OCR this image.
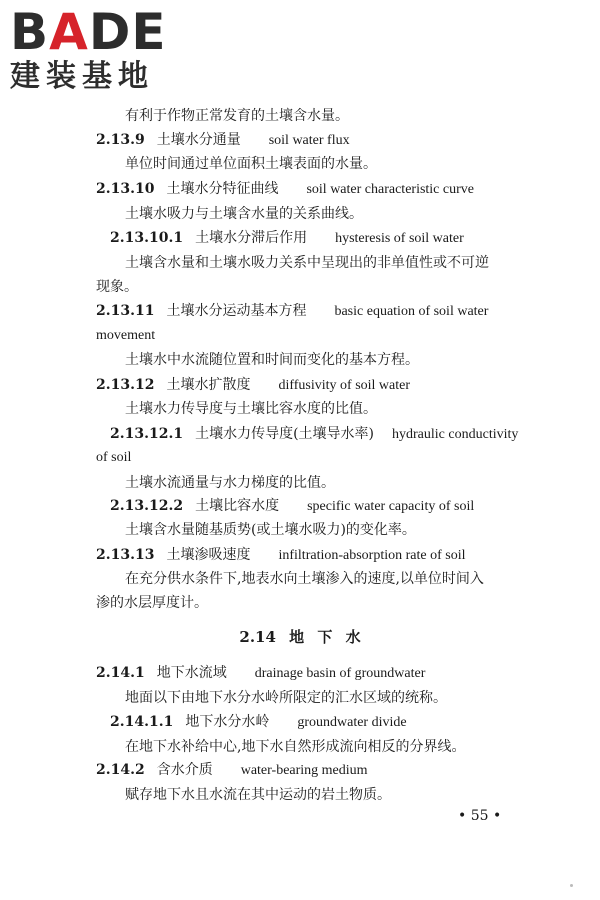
BADE
建装基地
有利于作物正常发育的土壤含水量。
2.13.9 土壤水分通量 soil water flux
单位时间通过单位面积土壤表面的水量。
2.13.10 土壤水分特征曲线 soil water characteristic curve
土壤水吸力与土壤含水量的关系曲线。
2.13.10.1 土壤水分滞后作用 hysteresis of soil water
土壤含水量和土壤水吸力关系中呈现出的非单值性或不可逆
现象。
2.13.11 土壤水分运动基本方程 basic equation of soil water
movement
土壤水中水流随位置和时间而变化的基本方程。
2.13.12 土壤水扩散度 diffusivity of soil water
土壤水力传导度与土壤比容水度的比值。
2.13.12.1 土壤水力传导度(土壤导水率) hydraulic conductivity
of soil
土壤水流通量与水力梯度的比值。
2.13.12.2 土壤比容水度 specific water capacity of soil
土壤含水量随基质势(或土壤水吸力)的变化率。
2.13.13 土壤渗吸速度 infiltration-absorption rate of soil
在充分供水条件下,地表水向土壤渗入的速度,以单位时间入
渗的水层厚度计。
2.14 地 下 水
2.14.1 地下水流域 drainage basin of groundwater
地面以下由地下水分水岭所限定的汇水区域的统称。
2.14.1.1 地下水分水岭 groundwater divide
在地下水补给中心,地下水自然形成流向相反的分界线。
2.14.2 含水介质 water-bearing medium
赋存地下水且水流在其中运动的岩土物质。
• 55 •
